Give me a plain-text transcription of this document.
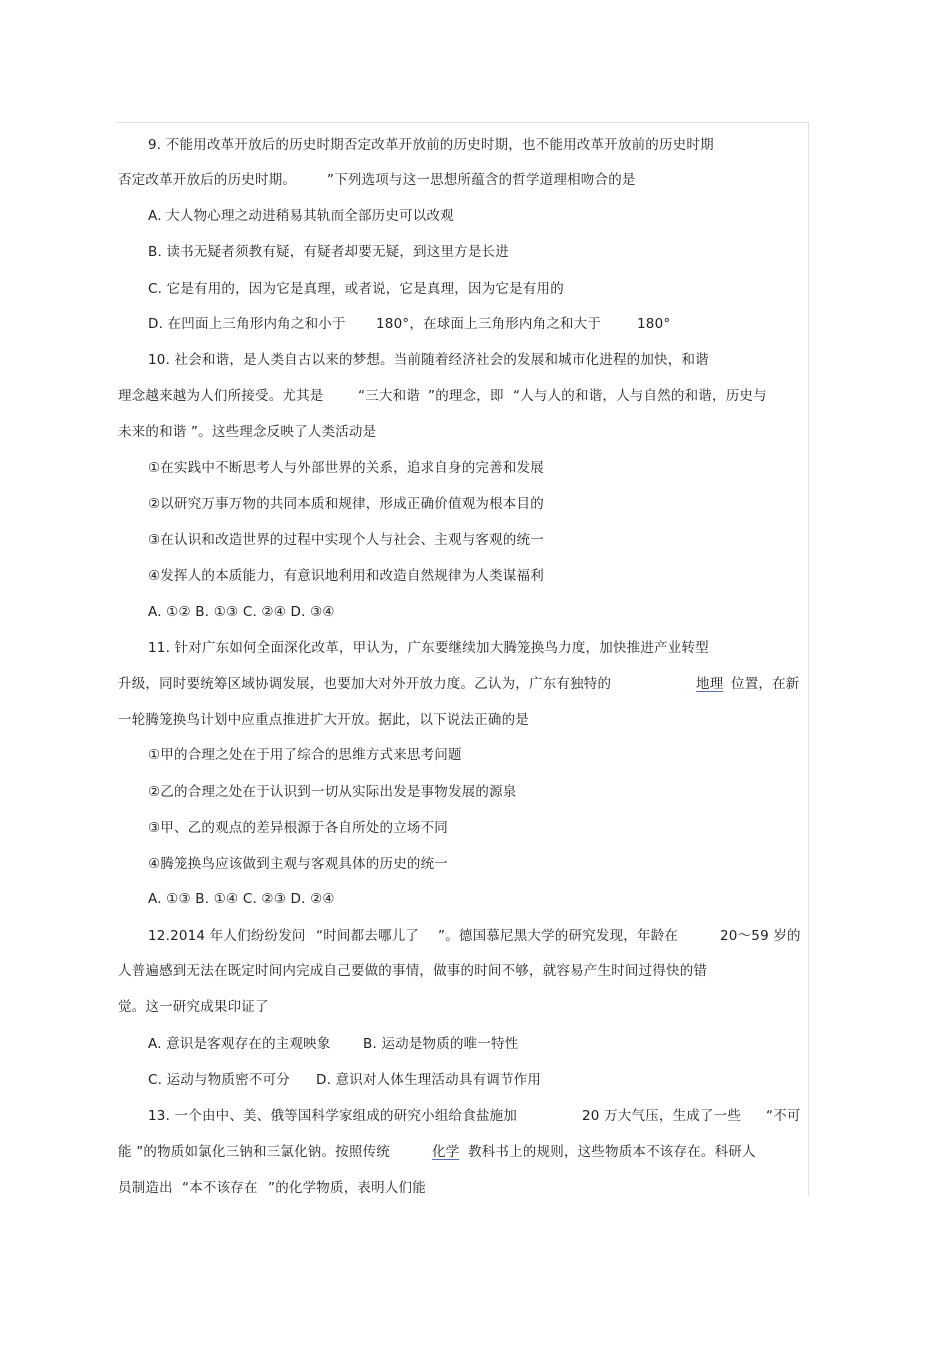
9. 不能用改革开放后的历史时期否定改革开放前的历史时期，也不能用改革开放前的历史时期
否定改革开放后的历史时期。 ”下列选项与这一思想所蕴含的哲学道理相吻合的是
A. 大人物心理之动进稍易其轨而全部历史可以改观
B. 读书无疑者须教有疑，有疑者却要无疑，到这里方是长进
C. 它是有用的，因为它是真理，或者说，它是真理，因为它是有用的
D. 在凹面上三角形内角之和小于 180°，在球面上三角形内角之和大于	180°
10. 社会和谐，是人类自古以来的梦想。当前随着经济社会的发展和城市化进程的加快，和谐
理念越来越为人们所接受。尤其是	“三大和谐 ”的理念，即 “人与人的和谐，人与自然的和谐，历史与
未来的和谐 ”。这些理念反映了人类活动是
①在实践中不断思考人与外部世界的关系，追求自身的完善和发展
②以研究万事万物的共同本质和规律，形成正确价值观为根本目的
③在认识和改造世界的过程中实现个人与社会、主观与客观的统一
④发挥人的本质能力，有意识地利用和改造自然规律为人类谋福利
A. ①② B. ①③ C. ②④ D. ③④
11. 针对广东如何全面深化改革，甲认为，广东要继续加大腾笼换鸟力度，加快推进产业转型
升级，同时要统筹区域协调发展，也要加大对外开放力度。乙认为，广东有独特的	地理 位置，在新
一轮腾笼换鸟计划中应重点推进扩大开放。据此，以下说法正确的是
①甲的合理之处在于用了综合的思维方式来思考问题
②乙的合理之处在于认识到一切从实际出发是事物发展的源泉
③甲、乙的观点的差异根源于各自所处的立场不同
④腾笼换鸟应该做到主观与客观具体的历史的统一
A. ①③ B. ①④ C. ②③ D. ②④
12.2014 年人们纷纷发问 “时间都去哪儿了 ”。德国慕尼黑大学的研究发现，年龄在	20～59 岁的
人普遍感到无法在既定时间内完成自己要做的事情，做事的时间不够，就容易产生时间过得快的错
觉。这一研究成果印证了
A. 意识是客观存在的主观映象 B. 运动是物质的唯一特性
C. 运动与物质密不可分 D. 意识对人体生理活动具有调节作用
13. 一个由中、美、俄等国科学家组成的研究小组给食盐施加	20 万大气压，生成了一些 “不可
能 ”的物质如氯化三钠和三氯化钠。按照传统	化学 教科书上的规则，这些物质本不该存在。科研人
员制造出 “本不该存在 ”的化学物质，表明人们能
